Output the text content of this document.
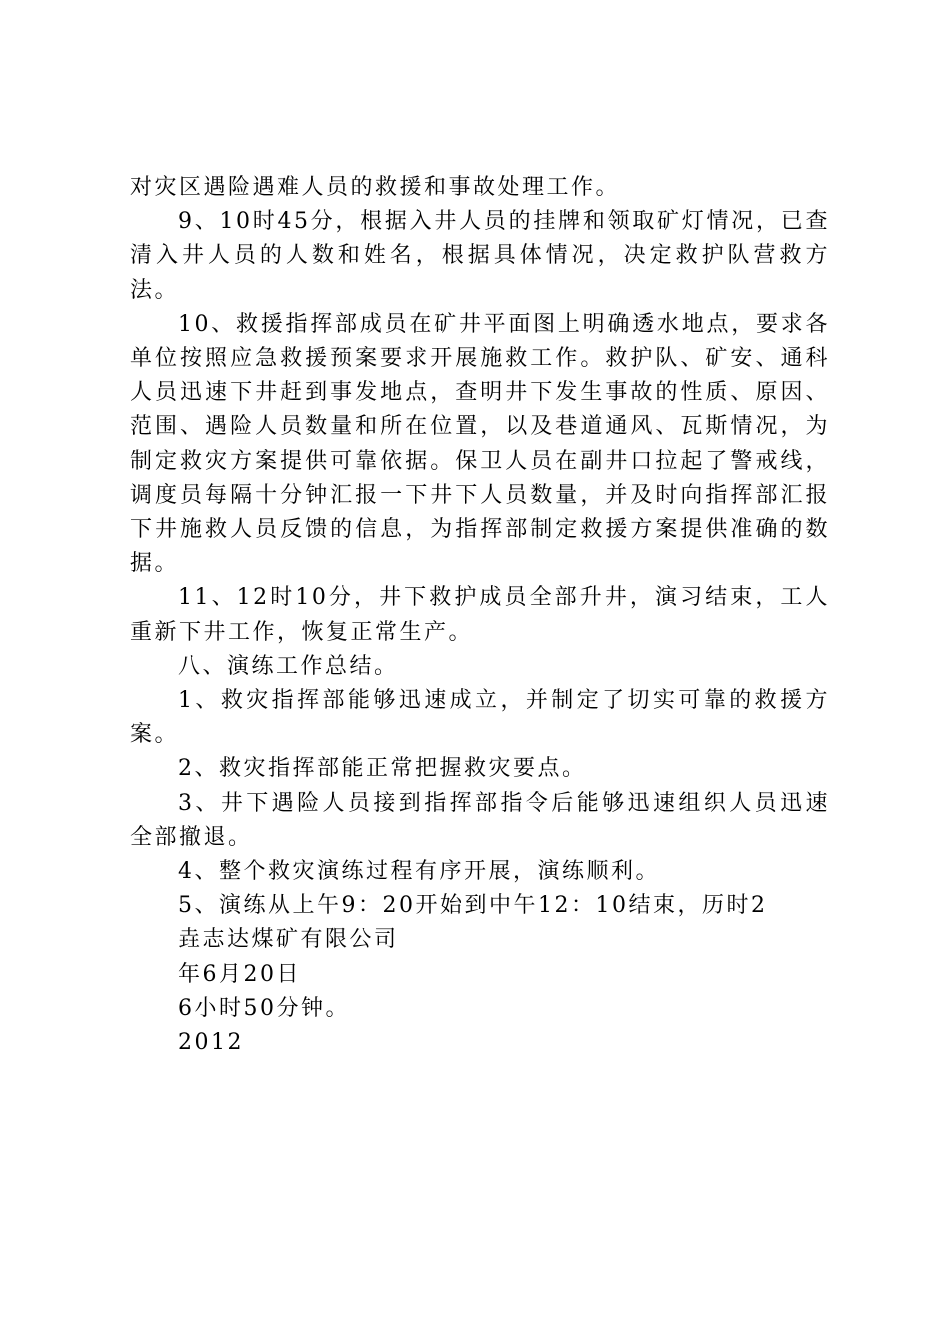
对灾区遇险遇难人员的救援和事故处理工作。

9、10时45分，根据入井人员的挂牌和领取矿灯情况，已查清入井人员的人数和姓名，根据具体情况，决定救护队营救方法。

10、救援指挥部成员在矿井平面图上明确透水地点，要求各单位按照应急救援预案要求开展施救工作。救护队、矿安、通科人员迅速下井赶到事发地点，查明井下发生事故的性质、原因、范围、遇险人员数量和所在位置，以及巷道通风、瓦斯情况，为制定救灾方案提供可靠依据。保卫人员在副井口拉起了警戒线，调度员每隔十分钟汇报一下井下人员数量，并及时向指挥部汇报下井施救人员反馈的信息，为指挥部制定救援方案提供准确的数据。

11、12时10分，井下救护成员全部升井，演习结束，工人重新下井工作，恢复正常生产。

八、演练工作总结。

1、救灾指挥部能够迅速成立，并制定了切实可靠的救援方案。

2、救灾指挥部能正常把握救灾要点。

3、井下遇险人员接到指挥部指令后能够迅速组织人员迅速全部撤退。

4、整个救灾演练过程有序开展，演练顺利。

5、演练从上午9：20开始到中午12：10结束，历时2

垚志达煤矿有限公司

年6月20日

6小时50分钟。

2012
